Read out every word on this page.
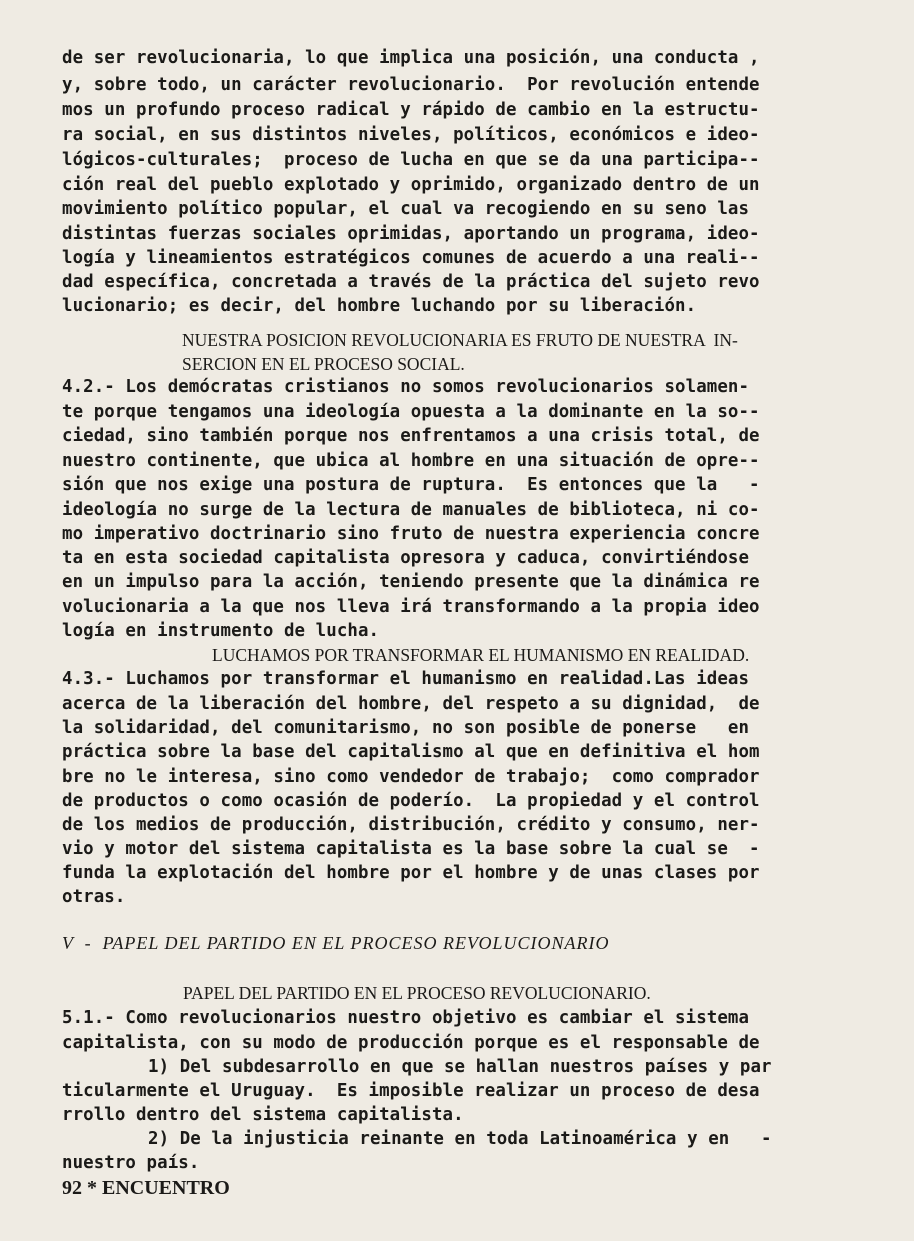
de ser revolucionaria, lo que implica una posición, una conducta ,
y, sobre todo, un carácter revolucionario.  Por revolución entende
mos un profundo proceso radical y rápido de cambio en la estructu-
ra social, en sus distintos niveles, políticos, económicos e ideo-
lógicos-culturales;  proceso de lucha en que se da una participa--
ción real del pueblo explotado y oprimido, organizado dentro de un
movimiento político popular, el cual va recogiendo en su seno las
distintas fuerzas sociales oprimidas, aportando un programa, ideo-
logía y lineamientos estratégicos comunes de acuerdo a una reali--
dad específica, concretada a través de la práctica del sujeto revo
lucionario; es decir, del hombre luchando por su liberación.
NUESTRA POSICION REVOLUCIONARIA ES FRUTO DE NUESTRA  IN-
SERCION EN EL PROCESO SOCIAL.
4.2.- Los demócratas cristianos no somos revolucionarios solamen-
te porque tengamos una ideología opuesta a la dominante en la so--
ciedad, sino también porque nos enfrentamos a una crisis total, de
nuestro continente, que ubica al hombre en una situación de opre--
sión que nos exige una postura de ruptura.  Es entonces que la   -
ideología no surge de la lectura de manuales de biblioteca, ni co-
mo imperativo doctrinario sino fruto de nuestra experiencia concre
ta en esta sociedad capitalista opresora y caduca, convirtiéndose
en un impulso para la acción, teniendo presente que la dinámica re
volucionaria a la que nos lleva irá transformando a la propia ideo
logía en instrumento de lucha.
LUCHAMOS POR TRANSFORMAR EL HUMANISMO EN REALIDAD.
4.3.- Luchamos por transformar el humanismo en realidad.Las ideas
acerca de la liberación del hombre, del respeto a su dignidad,  de
la solidaridad, del comunitarismo, no son posible de ponerse   en
práctica sobre la base del capitalismo al que en definitiva el hom
bre no le interesa, sino como vendedor de trabajo;  como comprador
de productos o como ocasión de poderío.  La propiedad y el control
de los medios de producción, distribución, crédito y consumo, ner-
vio y motor del sistema capitalista es la base sobre la cual se  -
funda la explotación del hombre por el hombre y de unas clases por
otras.
V  -  PAPEL DEL PARTIDO EN EL PROCESO REVOLUCIONARIO
PAPEL DEL PARTIDO EN EL PROCESO REVOLUCIONARIO.
5.1.- Como revolucionarios nuestro objetivo es cambiar el sistema
capitalista, con su modo de producción porque es el responsable de
1) Del subdesarrollo en que se hallan nuestros países y par
ticularmente el Uruguay.  Es imposible realizar un proceso de desa
rrollo dentro del sistema capitalista.
2) De la injusticia reinante en toda Latinoamérica y en   -
nuestro país.
92 * ENCUENTRO
